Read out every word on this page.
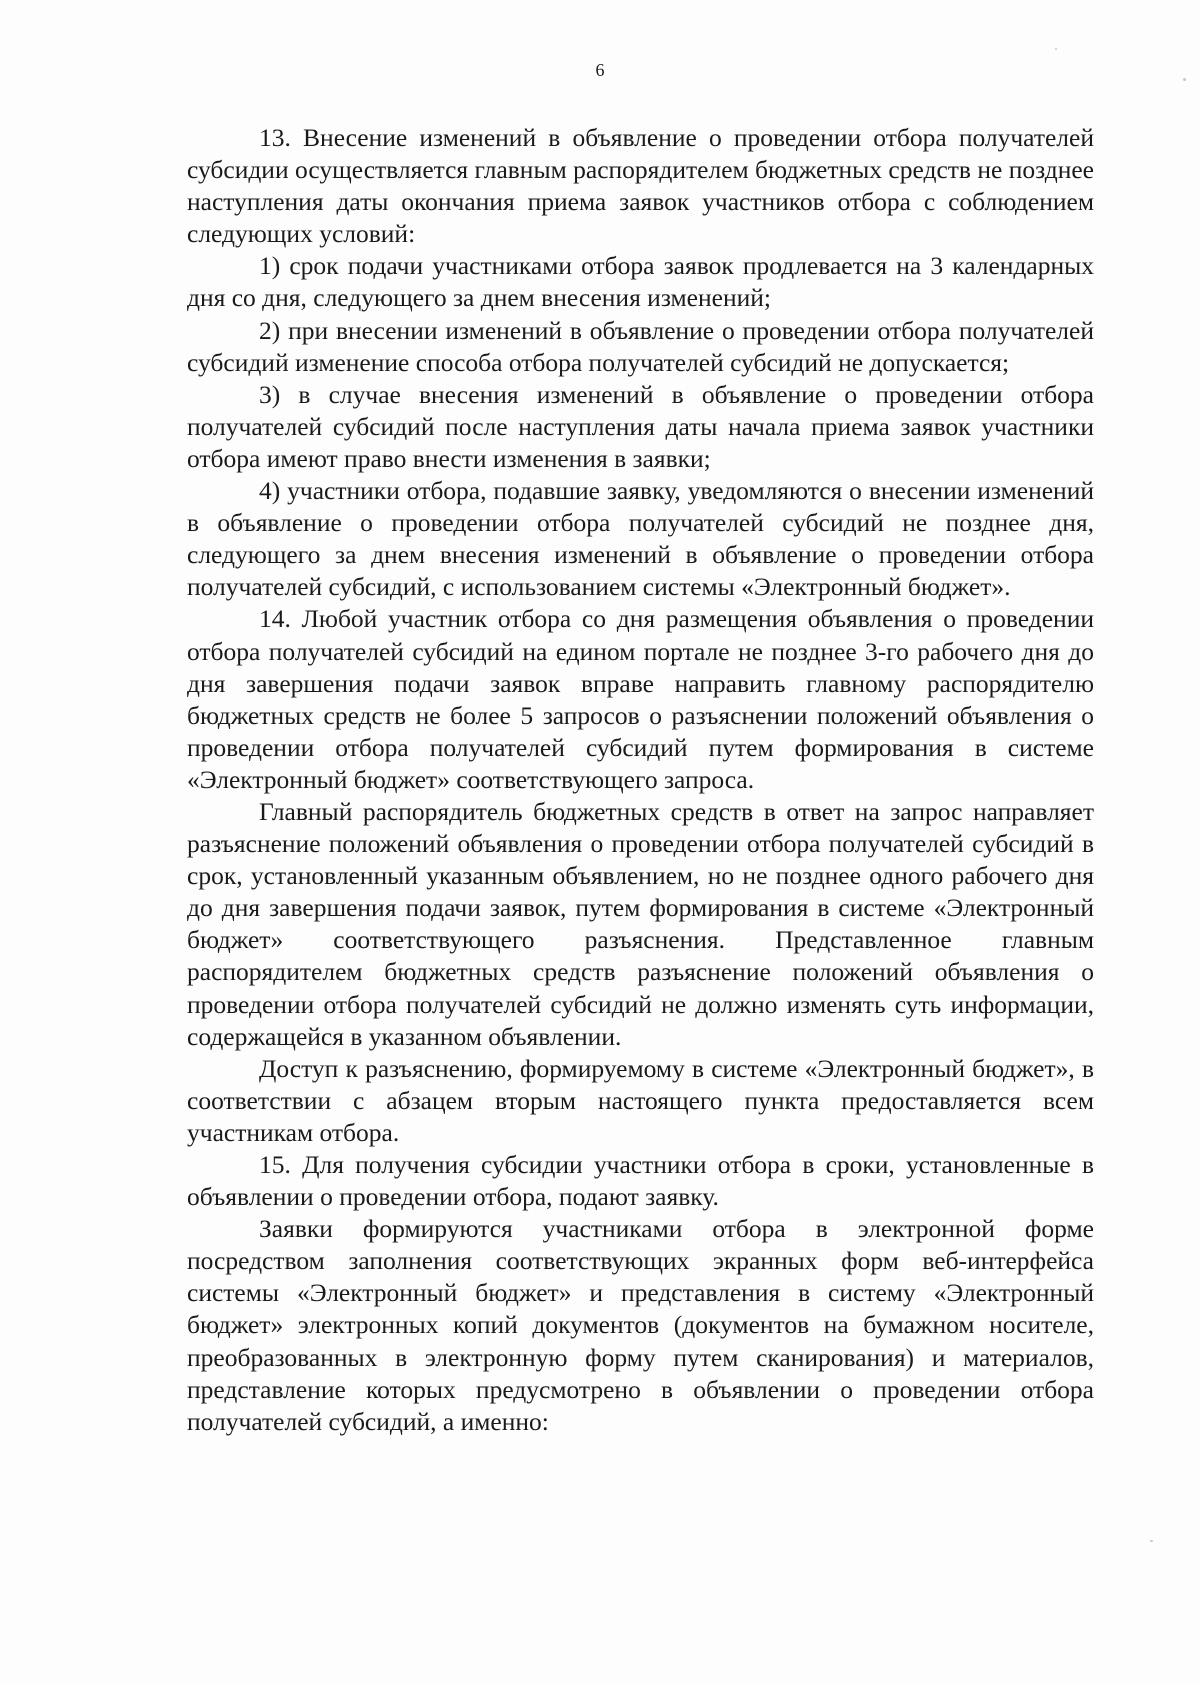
6

13. Внесение изменений в объявление о проведении отбора получателей субсидии осуществляется главным распорядителем бюджетных средств не позднее наступления даты окончания приема заявок участников отбора с соблюдением следующих условий:

1) срок подачи участниками отбора заявок продлевается на 3 календарных дня со дня, следующего за днем внесения изменений;

2) при внесении изменений в объявление о проведении отбора получателей субсидий изменение способа отбора получателей субсидий не допускается;

3) в случае внесения изменений в объявление о проведении отбора получателей субсидий после наступления даты начала приема заявок участники отбора имеют право внести изменения в заявки;

4) участники отбора, подавшие заявку, уведомляются о внесении изменений в объявление о проведении отбора получателей субсидий не позднее дня, следующего за днем внесения изменений в объявление о проведении отбора получателей субсидий, с использованием системы «Электронный бюджет».

14. Любой участник отбора со дня размещения объявления о проведении отбора получателей субсидий на едином портале не позднее 3-го рабочего дня до дня завершения подачи заявок вправе направить главному распорядителю бюджетных средств не более 5 запросов о разъяснении положений объявления о проведении отбора получателей субсидий путем формирования в системе «Электронный бюджет» соответствующего запроса.

Главный распорядитель бюджетных средств в ответ на запрос направляет разъяснение положений объявления о проведении отбора получателей субсидий в срок, установленный указанным объявлением, но не позднее одного рабочего дня до дня завершения подачи заявок, путем формирования в системе «Электронный бюджет» соответствующего разъяснения. Представленное главным распорядителем бюджетных средств разъяснение положений объявления о проведении отбора получателей субсидий не должно изменять суть информации, содержащейся в указанном объявлении.

Доступ к разъяснению, формируемому в системе «Электронный бюджет», в соответствии с абзацем вторым настоящего пункта предоставляется всем участникам отбора.

15. Для получения субсидии участники отбора в сроки, установленные в объявлении о проведении отбора, подают заявку.

Заявки формируются участниками отбора в электронной форме посредством заполнения соответствующих экранных форм веб-интерфейса системы «Электронный бюджет» и представления в систему «Электронный бюджет» электронных копий документов (документов на бумажном носителе, преобразованных в электронную форму путем сканирования) и материалов, представление которых предусмотрено в объявлении о проведении отбора получателей субсидий, а именно:
